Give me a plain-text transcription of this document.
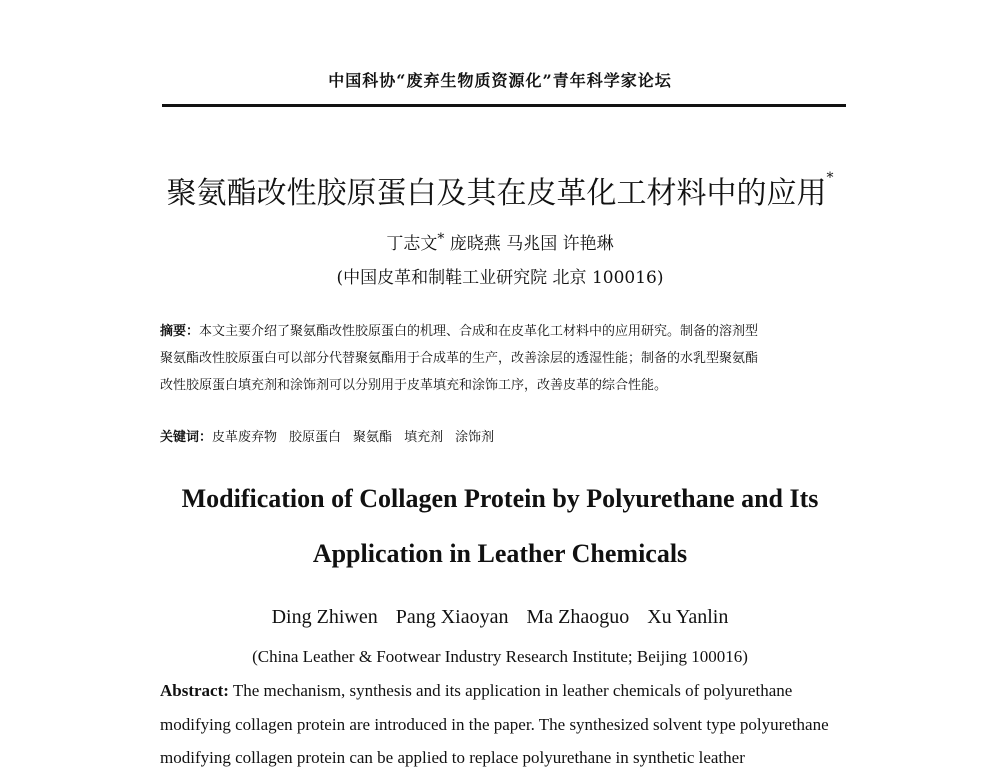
中国科协“废弃生物质资源化”青年科学家论坛
聚氨酯改性胶原蛋白及其在皮革化工材料中的应用*
丁志文* 庞晓燕 马兆国 许艳琳
(中国皮革和制鞋工业研究院 北京 100016)
摘要：本文主要介绍了聚氨酯改性胶原蛋白的机理、合成和在皮革化工材料中的应用研究。制备的溶剂型
聚氨酯改性胶原蛋白可以部分代替聚氨酯用于合成革的生产，改善涂层的透湿性能；制备的水乳型聚氨酯
改性胶原蛋白填充剂和涂饰剂可以分别用于皮革填充和涂饰工序，改善皮革的综合性能。
关键词：皮革废弃物 胶原蛋白 聚氨酯 填充剂 涂饰剂
Modification of Collagen Protein by Polyurethane and Its
Application in Leather Chemicals
Ding Zhiwen Pang Xiaoyan Ma Zhaoguo Xu Yanlin
(China Leather & Footwear Industry Research Institute; Beijing 100016)
Abstract: The mechanism, synthesis and its application in leather chemicals of polyurethane
modifying collagen protein are introduced in the paper. The synthesized solvent type polyurethane
modifying collagen protein can be applied to replace polyurethane in synthetic leather
